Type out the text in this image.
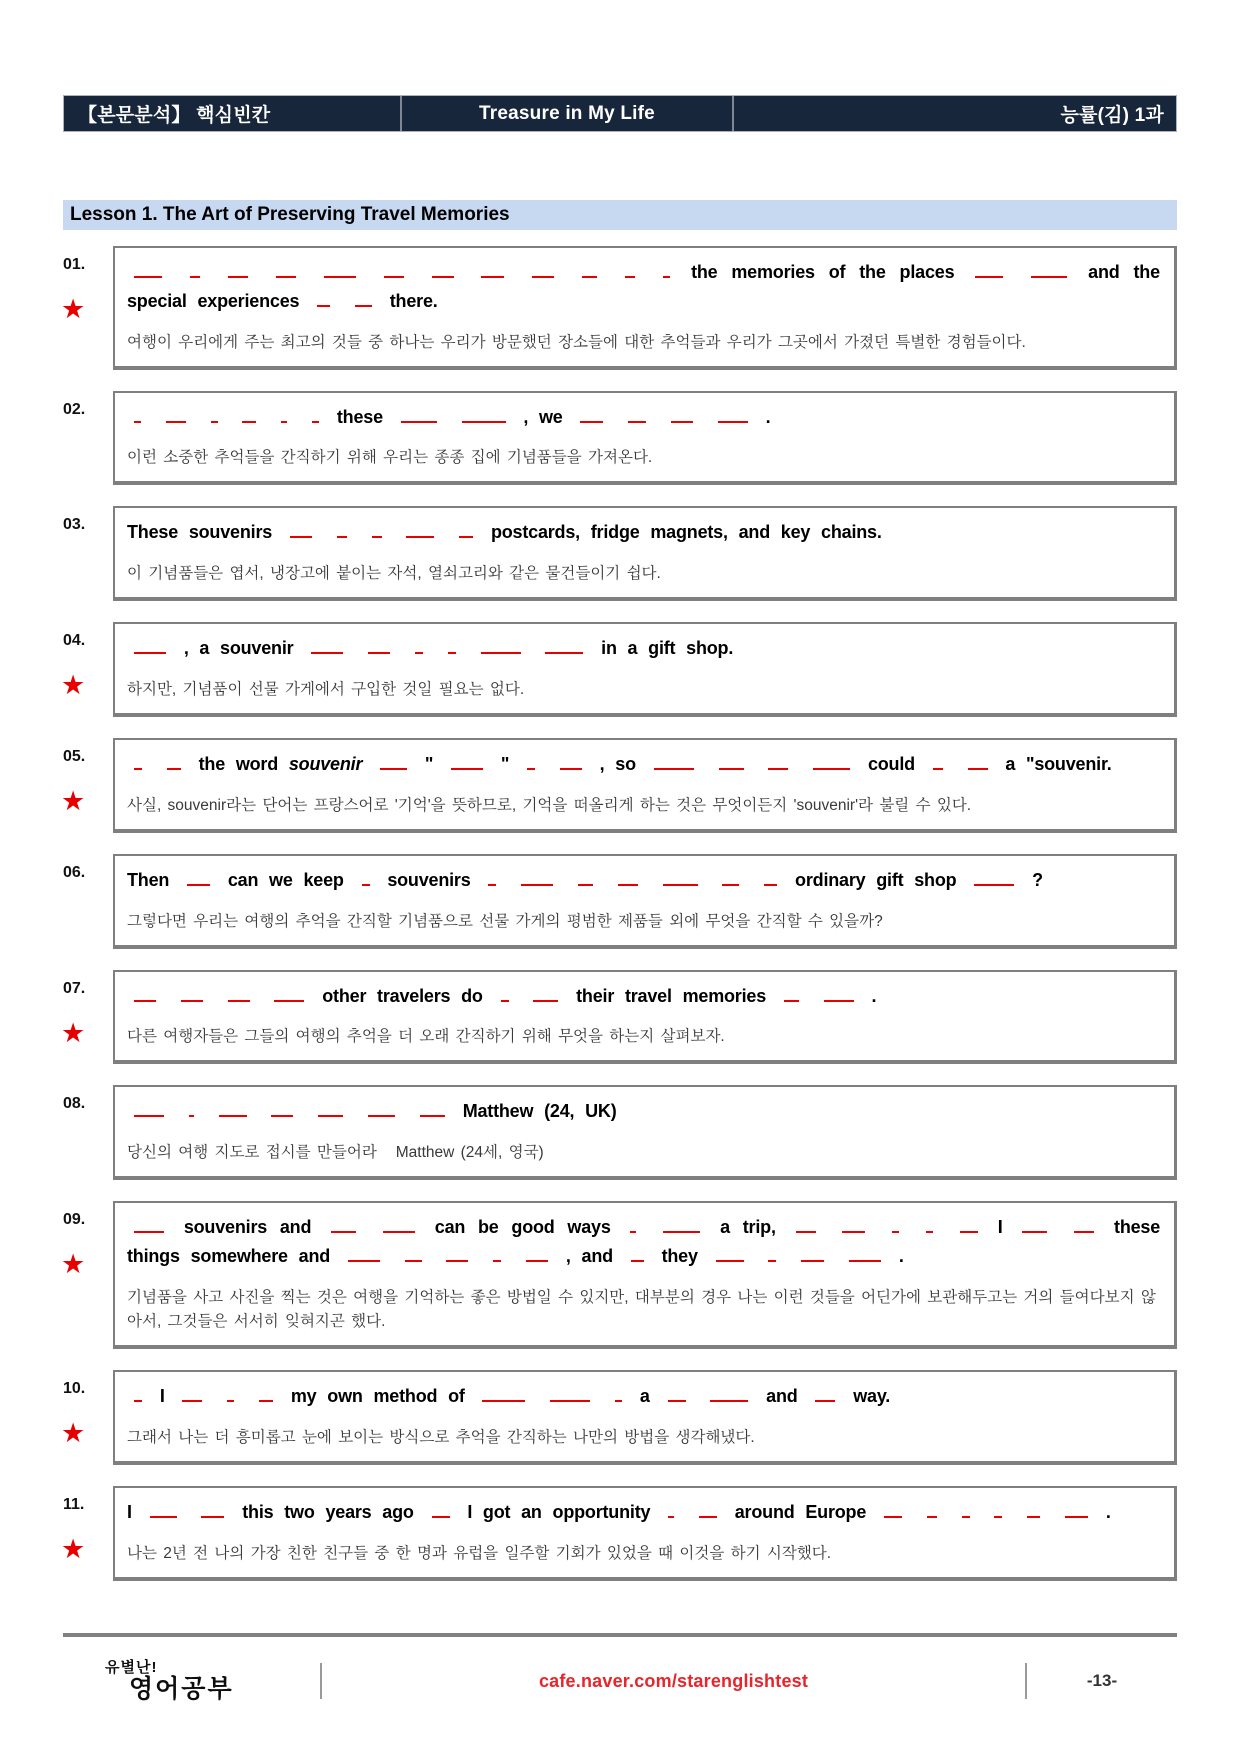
【본문분석】 핵심빈칸	Treasure in My Life	능률(김) 1과
Lesson 1. The Art of Preserving Travel Memories
01.
★

the memories of the places	and the special experiences	there.

여행이 우리에게 주는 최고의 것들 중 하나는 우리가 방문했던 장소들에 대한 추억들과 우리가 그곳에서 가졌던 특별한 경험들이다.

02.	these	, we	.

이런 소중한 추억들을 간직하기 위해 우리는 종종 집에 기념품들을 가져온다.

03. These souvenirs	postcards, fridge magnets, and key chains.

이 기념품들은 엽서, 냉장고에 붙이는 자석, 열쇠고리와 같은 물건들이기 쉽다.

04.
★

, a souvenir	in a gift shop.

하지만, 기념품이 선물 가게에서 구입한 것일 필요는 없다.

05.
★

the word souvenir	"	"	, so	could	a "souvenir.

사실, souvenir라는 단어는 프랑스어로 '기억'을 뜻하므로, 기억을 떠올리게 하는 것은 무엇이든지 'souvenir'라 불릴 수 있다.

06. Then	can we keep souvenirs	ordinary gift shop	?

그렇다면 우리는 여행의 추억을 간직할 기념품으로 선물 가게의 평범한 제품들 외에 무엇을 간직할 수 있을까?

07.
★

other travelers do	their travel memories	.

다른 여행자들은 그들의 여행의 추억을 더 오래 간직하기 위해 무엇을 하는지 살펴보자.

08.	Matthew (24, UK)

당신의 여행 지도로 접시를 만들어라   Matthew (24세, 영국)

09.
★

souvenirs and	can be good ways	a trip,	I	these things somewhere and	, and	they	.

기념품을 사고 사진을 찍는 것은 여행을 기억하는 좋은 방법일 수 있지만, 대부분의 경우 나는 이런 것들을 어딘가에 보관해두고는 거의 들여다보지 않아서, 그것들은 서서히 잊혀지곤 했다.

10.
★

I	my own method of	a	and	way.

그래서 나는 더 흥미롭고 눈에 보이는 방식으로 추억을 간직하는 나만의 방법을 생각해냈다.

11.
★

I	this two years ago	I got an opportunity	around Europe	.

나는 2년 전 나의 가장 친한 친구들 중 한 명과 유럽을 일주할 기회가 있었을 때 이것을 하기 시작했다.

유별난!
영어공부	cafe.naver.com/starenglishtest	-13-
